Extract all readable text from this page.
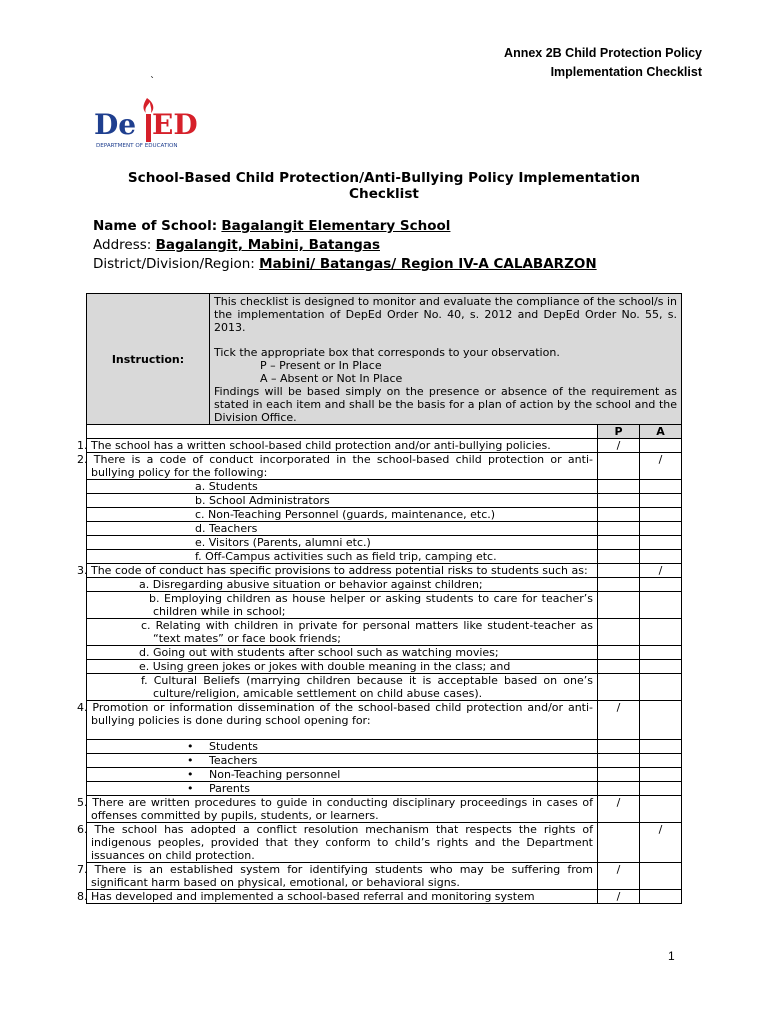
Annex 2B Child Protection Policy
Implementation Checklist
`
De ED
DEPARTMENT OF EDUCATION
School-Based Child Protection/Anti-Bullying Policy Implementation
Checklist
Name of School: Bagalangit Elementary School
Address: Bagalangit, Mabini, Batangas
District/Division/Region: Mabini/ Batangas/ Region IV-A CALABARZON
Instruction:	This checklist is designed to monitor and evaluate the compliance of the school/s in the implementation of DepEd Order No. 40, s. 2012 and DepEd Order No. 55, s. 2013.
Tick the appropriate box that corresponds to your observation.
P – Present or In Place
A – Absent or Not In Place
Findings will be based simply on the presence or absence of the requirement as stated in each item and shall be the basis for a plan of action by the school and the Division Office.		

		P	A
1. The school has a written school-based child protection and/or anti-bullying policies.		/	
2. There is a code of conduct incorporated in the school-based child protection or anti-bullying policy for the following:			/
a. Students			
b. School Administrators			
c. Non-Teaching Personnel (guards, maintenance, etc.)			
d. Teachers			
e. Visitors (Parents, alumni etc.)			
f. Off-Campus activities such as field trip, camping etc.			
3. The code of conduct has specific provisions to address potential risks to students such as:			/
a. Disregarding abusive situation or behavior against children;			
b. Employing children as house helper or asking students to care for teacher’s children while in school;			
c. Relating with children in private for personal matters like student-teacher as “text mates” or face book friends;			
d. Going out with students after school such as watching movies;			
e. Using green jokes or jokes with double meaning in the class; and			
f. Cultural Beliefs (marrying children because it is acceptable based on one’s culture/religion, amicable settlement on child abuse cases).			
4. Promotion or information dissemination of the school-based child protection and/or anti-bullying policies is done during school opening for:		/	
• Students			
• Teachers			
• Non-Teaching personnel			
• Parents			
5. There are written procedures to guide in conducting disciplinary proceedings in cases of offenses committed by pupils, students, or learners.		/	
6. The school has adopted a conflict resolution mechanism that respects the rights of indigenous peoples, provided that they conform to child’s rights and the Department issuances on child protection.			/
7. There is an established system for identifying students who may be suffering from significant harm based on physical, emotional, or behavioral signs.		/	
8. Has developed and implemented a school-based referral and monitoring system		/	
1
